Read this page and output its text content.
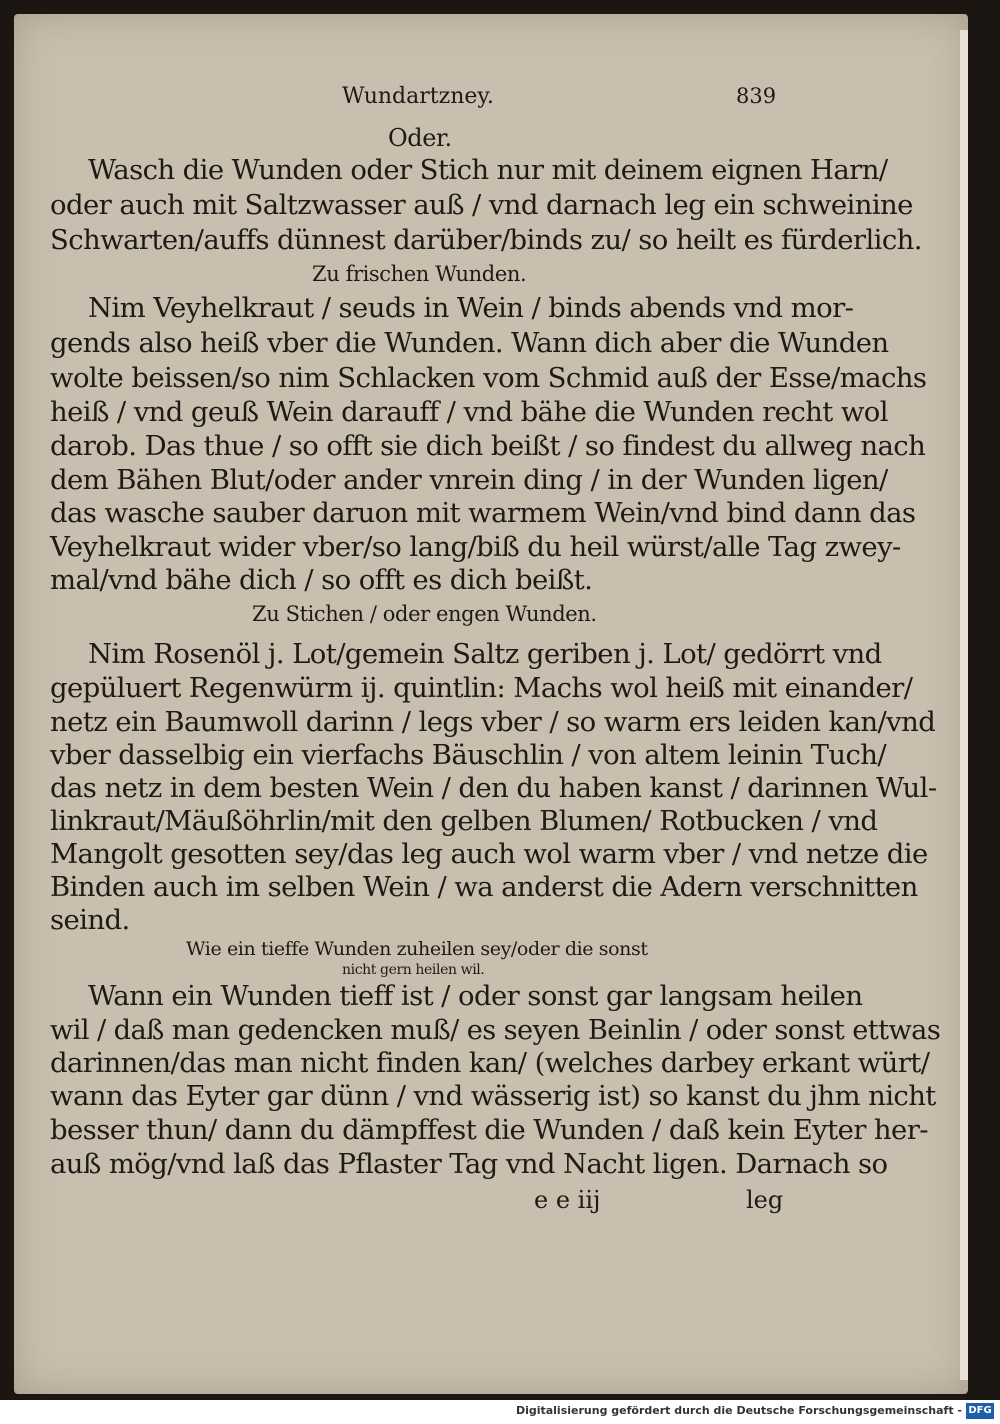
Wundartzney.	839
Oder.
Wasch die Wunden oder Stich nur mit deinem eignen Harn/
oder auch mit Saltzwasser auß / vnd darnach leg ein schweinine
Schwarten/auffs dünnest darüber/binds zu/ so heilt es fürderlich.
Zu frischen Wunden.
Nim Veyhelkraut / seuds in Wein / binds abends vnd mor-
gends also heiß vber die Wunden. Wann dich aber die Wunden
wolte beissen/so nim Schlacken vom Schmid auß der Esse/machs
heiß / vnd geuß Wein darauff / vnd bähe die Wunden recht wol
darob. Das thue / so offt sie dich beißt / so findest du allweg nach
dem Bähen Blut/oder ander vnrein ding / in der Wunden ligen/
das wasche sauber daruon mit warmem Wein/vnd bind dann das
Veyhelkraut wider vber/so lang/biß du heil würst/alle Tag zwey-
mal/vnd bähe dich / so offt es dich beißt.
Zu Stichen / oder engen Wunden.
Nim Rosenöl j. Lot/gemein Saltz geriben j. Lot/ gedörrt vnd
gepüluert Regenwürm ij. quintlin: Machs wol heiß mit einander/
netz ein Baumwoll darinn / legs vber / so warm ers leiden kan/vnd
vber dasselbig ein vierfachs Bäuschlin / von altem leinin Tuch/
das netz in dem besten Wein / den du haben kanst / darinnen Wul-
linkraut/Mäußöhrlin/mit den gelben Blumen/ Rotbucken / vnd
Mangolt gesotten sey/das leg auch wol warm vber / vnd netze die
Binden auch im selben Wein / wa anderst die Adern verschnitten
seind.
Wie ein tieffe Wunden zuheilen sey/oder die sonst
nicht gern heilen wil.
Wann ein Wunden tieff ist / oder sonst gar langsam heilen
wil / daß man gedencken muß/ es seyen Beinlin / oder sonst ettwas
darinnen/das man nicht finden kan/ (welches darbey erkant würt/
wann das Eyter gar dünn / vnd wässerig ist) so kanst du jhm nicht
besser thun/ dann du dämpffest die Wunden / daß kein Eyter her-
auß mög/vnd laß das Pflaster Tag vnd Nacht ligen. Darnach so
e e iij	leg
Digitalisierung gefördert durch die Deutsche Forschungsgemeinschaft - DFG
